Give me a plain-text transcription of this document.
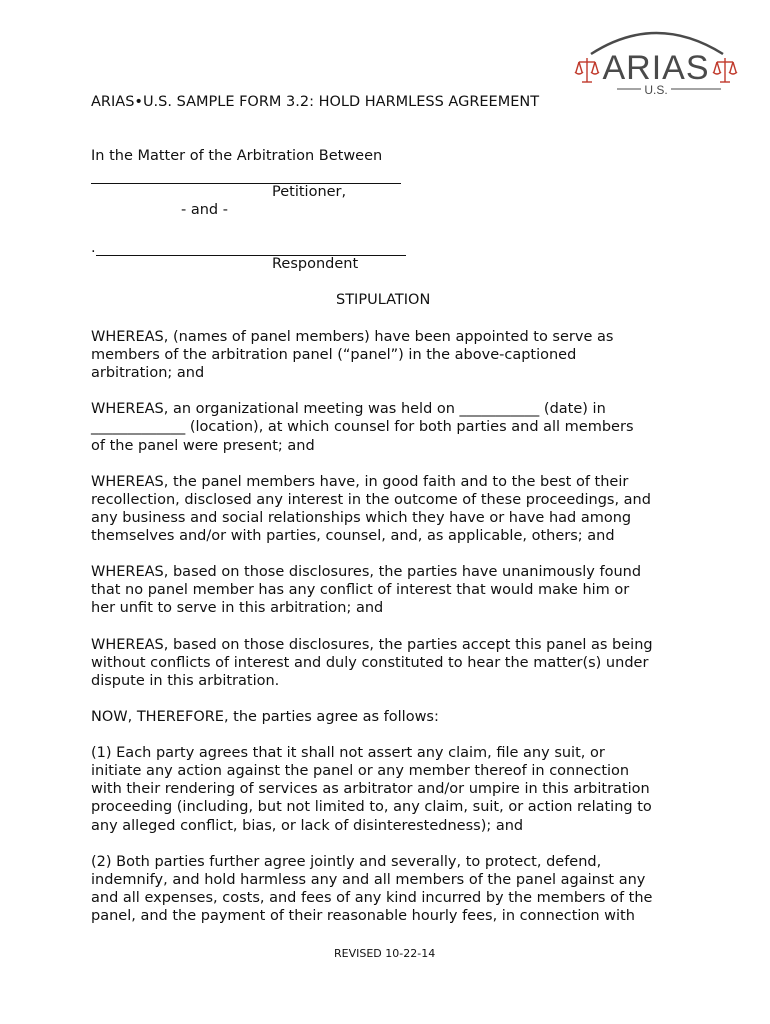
ARIAS
U.S.
ARIAS•U.S. SAMPLE FORM 3.2: HOLD HARMLESS AGREEMENT
In the Matter of the Arbitration Between
Petitioner,
- and -
.
Respondent
STIPULATION

WHEREAS, (names of panel members) have been appointed to serve as
members of the arbitration panel (“panel”) in the above-captioned
arbitration; and

WHEREAS, an organizational meeting was held on ___________ (date) in
_____________ (location), at which counsel for both parties and all members
of the panel were present; and

WHEREAS, the panel members have, in good faith and to the best of their
recollection, disclosed any interest in the outcome of these proceedings, and
any business and social relationships which they have or have had among
themselves and/or with parties, counsel, and, as applicable, others; and

WHEREAS, based on those disclosures, the parties have unanimously found
that no panel member has any conflict of interest that would make him or
her unfit to serve in this arbitration; and

WHEREAS, based on those disclosures, the parties accept this panel as being
without conflicts of interest and duly constituted to hear the matter(s) under
dispute in this arbitration.

NOW, THEREFORE, the parties agree as follows:

(1) Each party agrees that it shall not assert any claim, file any suit, or
initiate any action against the panel or any member thereof in connection
with their rendering of services as arbitrator and/or umpire in this arbitration
proceeding (including, but not limited to, any claim, suit, or action relating to
any alleged conflict, bias, or lack of disinterestedness); and

(2) Both parties further agree jointly and severally, to protect, defend,
indemnify, and hold harmless any and all members of the panel against any
and all expenses, costs, and fees of any kind incurred by the members of the
panel, and the payment of their reasonable hourly fees, in connection with

REVISED 10-22-14
